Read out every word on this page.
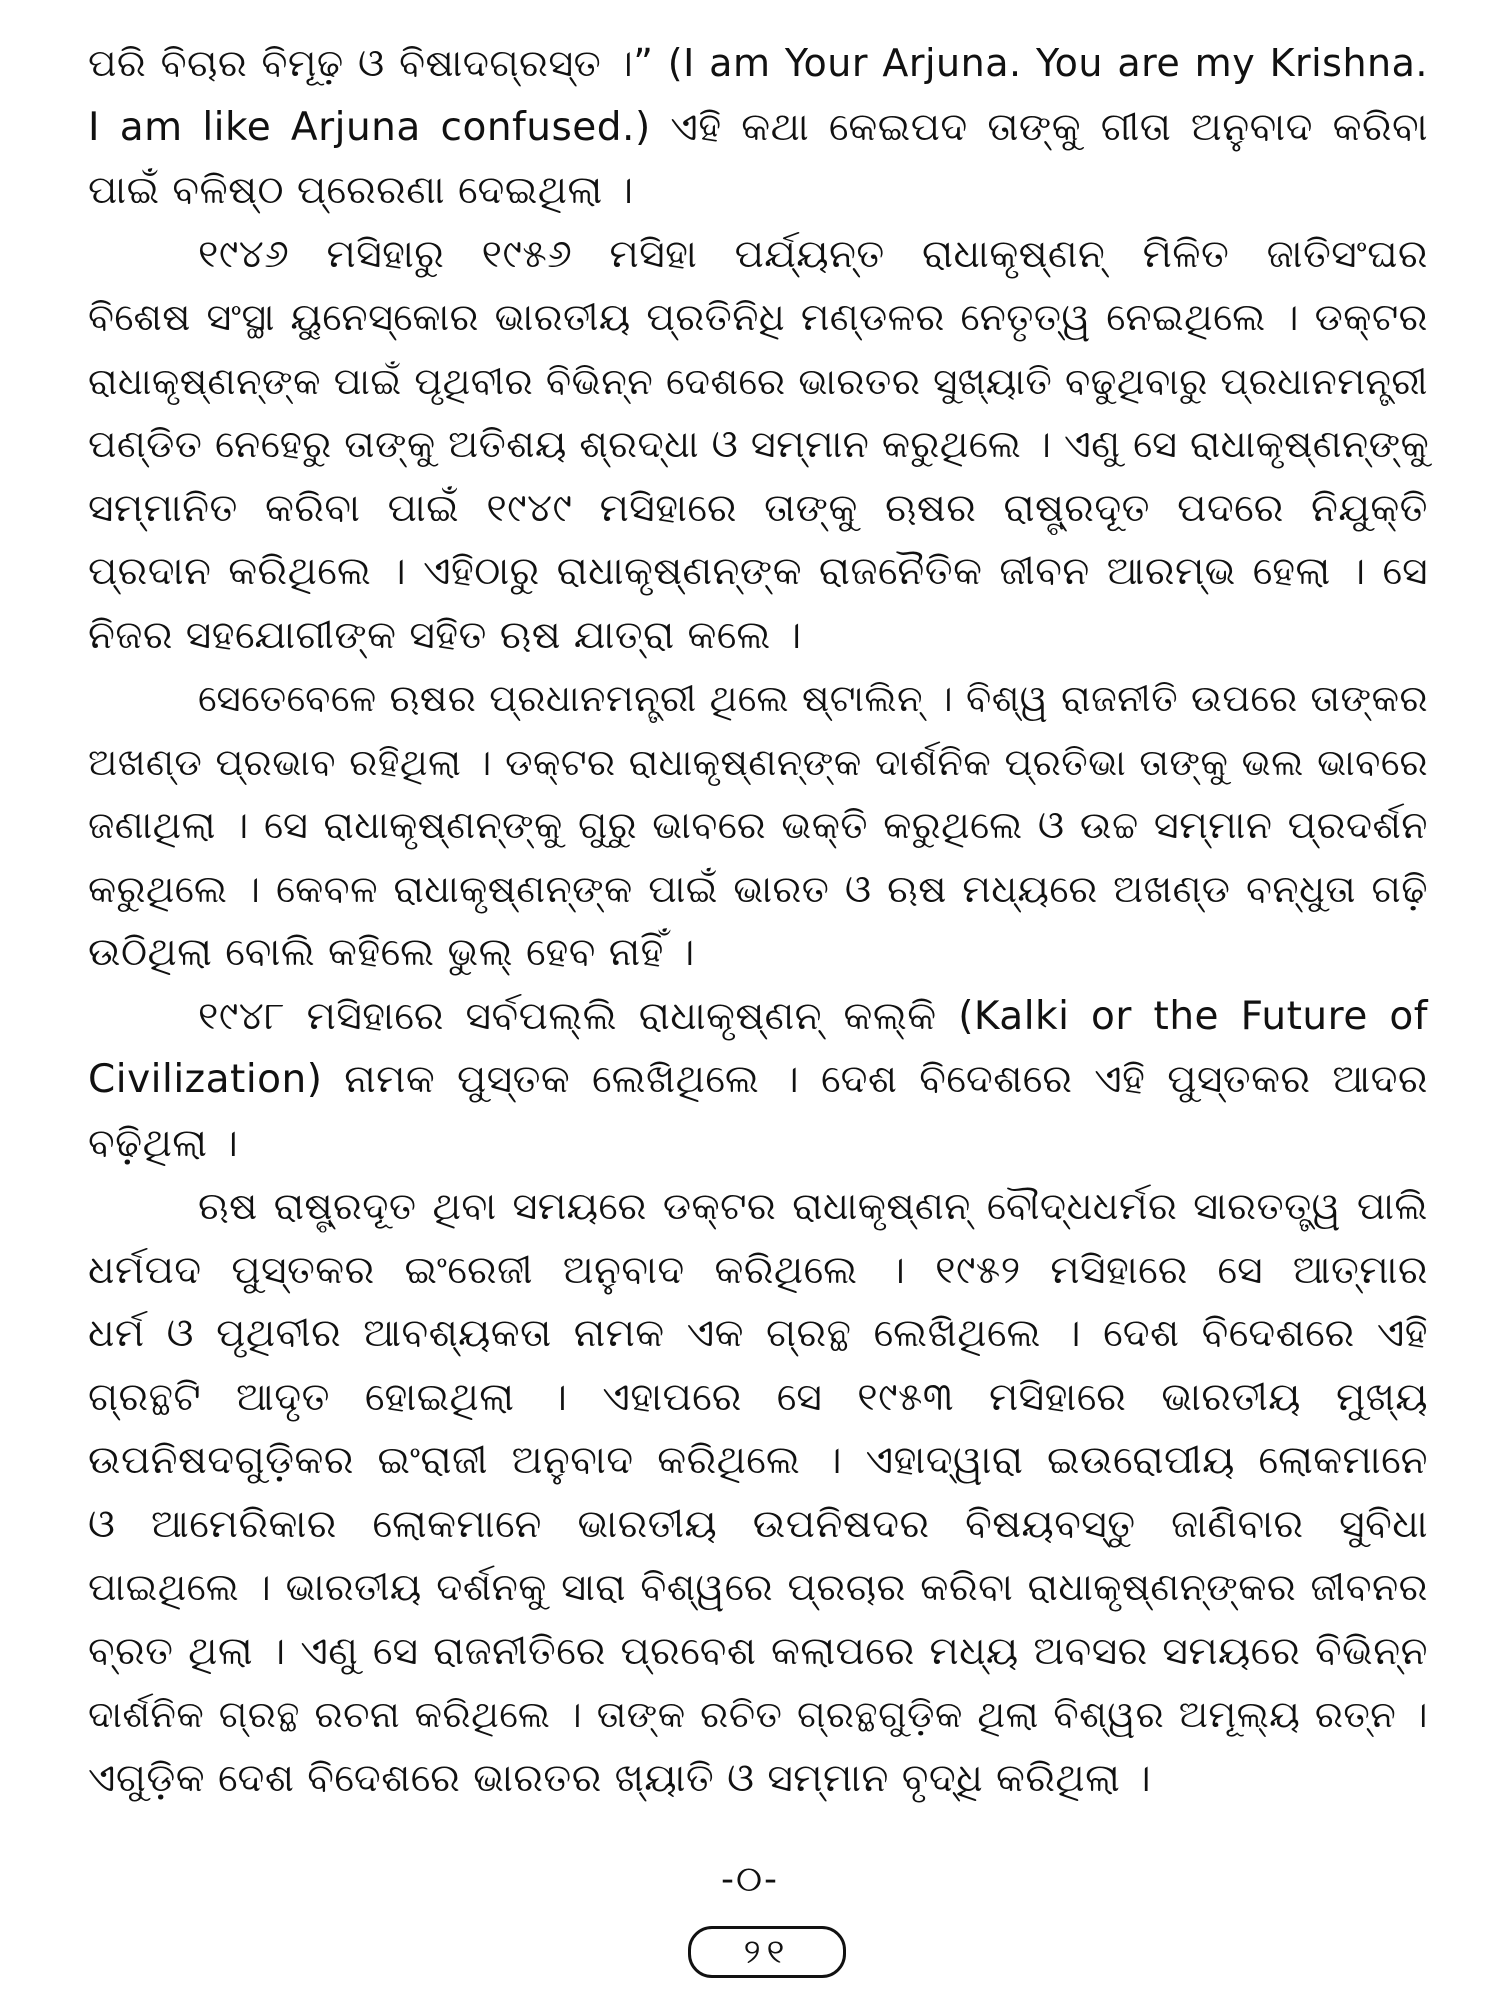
ପରି ବିଚାର ବିମୂଢ଼ ଓ ବିଷାଦଗ୍ରସ୍ତ ।” (I am Your Arjuna. You are my Krishna.
I am like Arjuna confused.) ଏହି କଥା କେଇପଦ ତାଙ୍କୁ ଗୀତା ଅନୁବାଦ କରିବା
ପାଇଁ ବଳିଷ୍ଠ ପ୍ରେରଣା ଦେଇଥିଲା ।
୧୯୪୬ ମସିହାରୁ ୧୯୫୬ ମସିହା ପର୍ଯ୍ୟନ୍ତ ରାଧାକୃଷ୍ଣନ୍ ମିଳିତ ଜାତିସଂଘର
ବିଶେଷ ସଂସ୍ଥା ୟୁନେସ୍କୋର ଭାରତୀୟ ପ୍ରତିନିଧି ମଣ୍ଡଳର ନେତୃତ୍ୱ ନେଇଥିଲେ । ଡକ୍ଟର
ରାଧାକୃଷ୍ଣନ୍‌ଙ୍କ ପାଇଁ ପୃଥିବୀର ବିଭିନ୍ନ ଦେଶରେ ଭାରତର ସୁଖ୍ୟାତି ବଢୁଥିବାରୁ ପ୍ରଧାନମନ୍ତ୍ରୀ
ପଣ୍ଡିତ ନେହେରୁ ତାଙ୍କୁ ଅତିଶୟ ଶ୍ରଦ୍ଧା ଓ ସମ୍ମାନ କରୁଥିଲେ । ଏଣୁ ସେ ରାଧାକୃଷ୍ଣନ୍‌ଙ୍କୁ
ସମ୍ମାନିତ କରିବା ପାଇଁ ୧୯୪୯ ମସିହାରେ ତାଙ୍କୁ ଋଷର ରାଷ୍ଟ୍ରଦୂତ ପଦରେ ନିଯୁକ୍ତି
ପ୍ରଦାନ କରିଥିଲେ । ଏହିଠାରୁ ରାଧାକୃଷ୍ଣନ୍‌ଙ୍କ ରାଜନୈତିକ ଜୀବନ ଆରମ୍ଭ ହେଲା । ସେ
ନିଜର ସହଯୋଗୀଙ୍କ ସହିତ ଋଷ ଯାତ୍ରା କଲେ ।
ସେତେବେଳେ ଋଷର ପ୍ରଧାନମନ୍ତ୍ରୀ ଥିଲେ ଷ୍ଟାଲିନ୍ । ବିଶ୍ୱ ରାଜନୀତି ଉପରେ ତାଙ୍କର
ଅଖଣ୍ଡ ପ୍ରଭାବ ରହିଥିଲା । ଡକ୍ଟର ରାଧାକୃଷ୍ଣନ୍‌ଙ୍କ ଦାର୍ଶନିକ ପ୍ରତିଭା ତାଙ୍କୁ ଭଲ ଭାବରେ
ଜଣାଥିଲା । ସେ ରାଧାକୃଷ୍ଣନ୍‌ଙ୍କୁ ଗୁରୁ ଭାବରେ ଭକ୍ତି କରୁଥିଲେ ଓ ଉଚ୍ଚ ସମ୍ମାନ ପ୍ରଦର୍ଶନ
କରୁଥିଲେ । କେବଳ ରାଧାକୃଷ୍ଣନ୍‌ଙ୍କ ପାଇଁ ଭାରତ ଓ ଋଷ ମଧ୍ୟରେ ଅଖଣ୍ଡ ବନ୍ଧୁତା ଗଢ଼ି
ଉଠିଥିଲା ବୋଲି କହିଲେ ଭୁଲ୍ ହେବ ନାହିଁ ।
୧୯୪୮ ମସିହାରେ ସର୍ବପଲ୍ଲି ରାଧାକୃଷ୍ଣନ୍ କଲ୍‌କି (Kalki or the Future of
Civilization) ନାମକ ପୁସ୍ତକ ଲେଖିଥିଲେ । ଦେଶ ବିଦେଶରେ ଏହି ପୁସ୍ତକର ଆଦର
ବଢ଼ିଥିଲା ।
ଋଷ ରାଷ୍ଟ୍ରଦୂତ ଥିବା ସମୟରେ ଡକ୍ଟର ରାଧାକୃଷ୍ଣନ୍ ବୌଦ୍ଧଧର୍ମର ସାରତତ୍ତ୍ୱ ପାଲି
ଧର୍ମପଦ ପୁସ୍ତକର ଇଂରେଜୀ ଅନୁବାଦ କରିଥିଲେ । ୧୯୫୨ ମସିହାରେ ସେ ଆତ୍ମାର
ଧର୍ମ ଓ ପୃଥିବୀର ଆବଶ୍ୟକତା ନାମକ ଏକ ଗ୍ରନ୍ଥ ଲେଖିଥିଲେ । ଦେଶ ବିଦେଶରେ ଏହି
ଗ୍ରନ୍ଥଟି ଆଦୃତ ହୋଇଥିଲା । ଏହାପରେ ସେ ୧୯୫୩ ମସିହାରେ ଭାରତୀୟ ମୁଖ୍ୟ
ଉପନିଷଦଗୁଡ଼ିକର ଇଂରାଜୀ ଅନୁବାଦ କରିଥିଲେ । ଏହାଦ୍ୱାରା ଇଉରୋପୀୟ ଲୋକମାନେ
ଓ ଆମେରିକାର ଲୋକମାନେ ଭାରତୀୟ ଉପନିଷଦର ବିଷୟବସ୍ତୁ ଜାଣିବାର ସୁବିଧା
ପାଇଥିଲେ । ଭାରତୀୟ ଦର୍ଶନକୁ ସାରା ବିଶ୍ୱରେ ପ୍ରଚାର କରିବା ରାଧାକୃଷ୍ଣନ୍‌ଙ୍କର ଜୀବନର
ବ୍ରତ ଥିଲା । ଏଣୁ ସେ ରାଜନୀତିରେ ପ୍ରବେଶ କଲାପରେ ମଧ୍ୟ ଅବସର ସମୟରେ ବିଭିନ୍ନ
ଦାର୍ଶନିକ ଗ୍ରନ୍ଥ ରଚନା କରିଥିଲେ । ତାଙ୍କ ରଚିତ ଗ୍ରନ୍ଥଗୁଡ଼ିକ ଥିଲା ବିଶ୍ୱର ଅମୂଲ୍ୟ ରତ୍ନ ।
ଏଗୁଡ଼ିକ ଦେଶ ବିଦେଶରେ ଭାରତର ଖ୍ୟାତି ଓ ସମ୍ମାନ ବୃଦ୍ଧି କରିଥିଲା ।
-୦-
୨୧
